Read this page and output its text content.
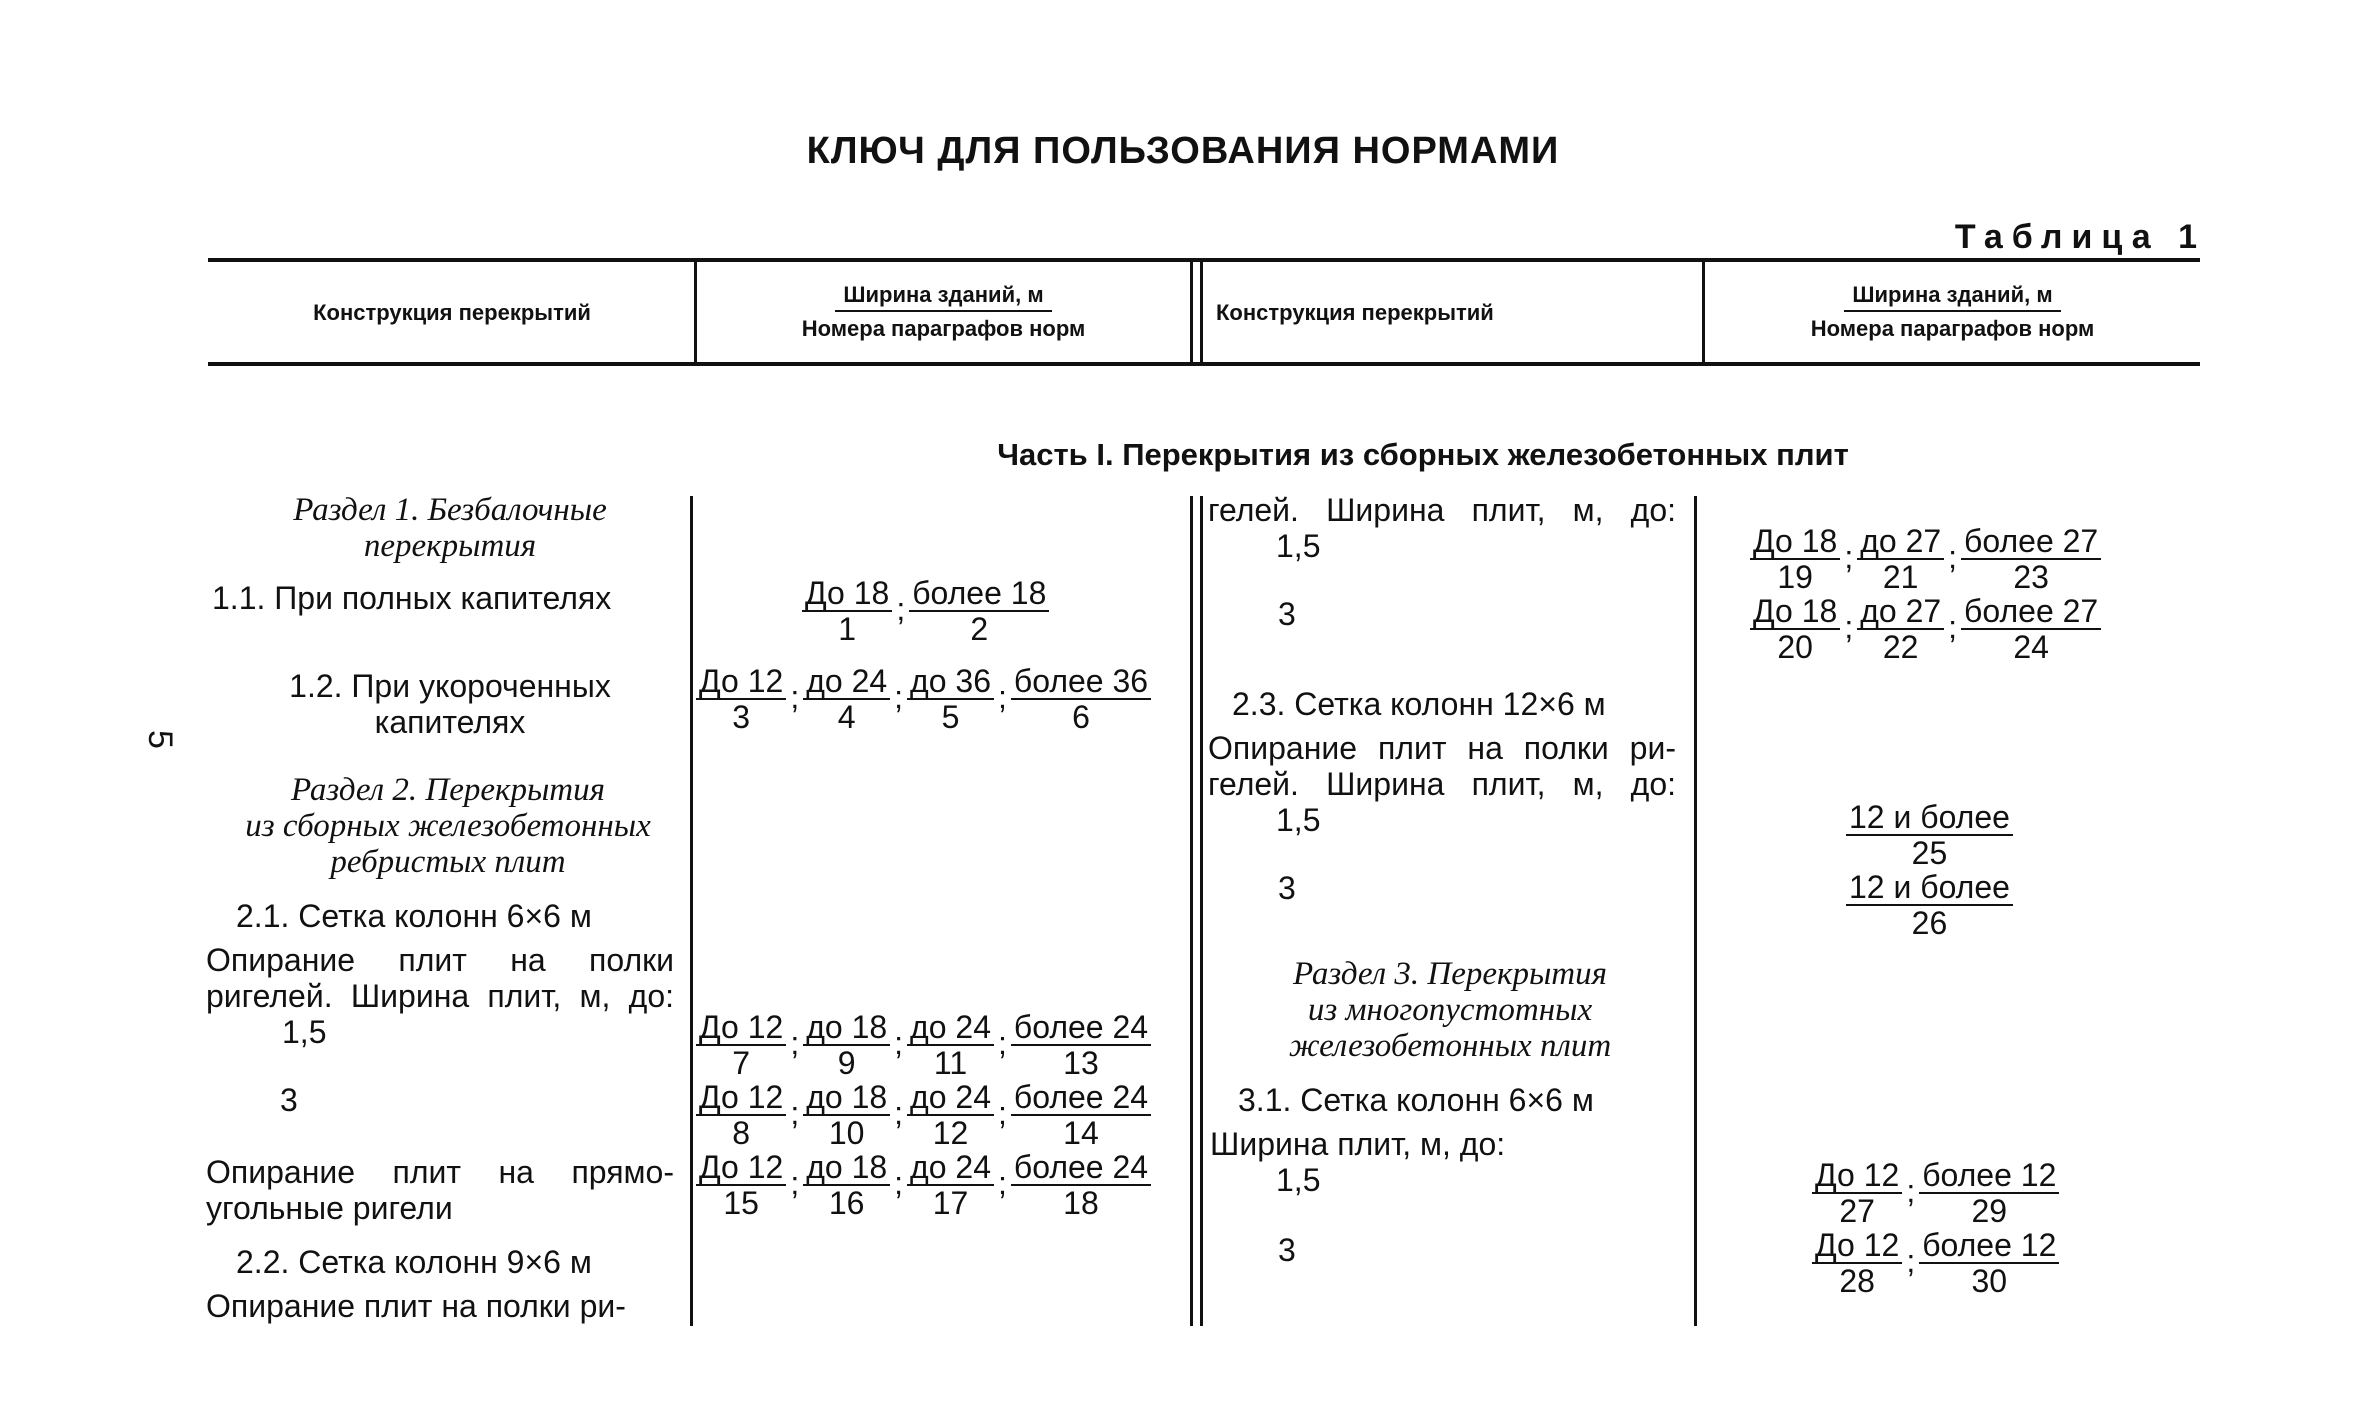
КЛЮЧ ДЛЯ ПОЛЬЗОВАНИЯ НОРМАМИ
Таблица 1
5
Конструкция перекрытий
Ширина зданий, м
Номера параграфов норм
Конструкция перекрытий
Ширина зданий, м
Номера параграфов норм
Часть I. Перекрытия из сборных железобетонных плит
Раздел 1. Безбалочные
перекрытия
1.1. При полных капителях
1.2. При укороченных
капителях
Раздел 2. Перекрытия
из сборных железобетонных
ребристых плит
2.1. Сетка колонн 6×6 м
Опирание плит на полки
ригелей. Ширина плит, м, до:
1,5
3
Опирание плит на прямо-
угольные ригели
2.2. Сетка колонн 9×6 м
Опирание плит на полки ри-
До 18
1
; более 18
2
До 12
3
; до 24
4
; до 36
5
; более 36
6
До 12
7
; до 18
9
; до 24
11
; более 24
13
До 12
8
; до 18
10
; до 24
12
; более 24
14
До 12
15
; до 18
16
; до 24
17
; более 24
18
гелей. Ширина плит, м, до:
1,5
3
2.3. Сетка колонн 12×6 м
Опирание плит на полки ри-
гелей. Ширина плит, м, до:
1,5
3
Раздел 3. Перекрытия
из многопустотных
железобетонных плит
3.1. Сетка колонн 6×6 м
Ширина плит, м, до:
1,5
3
До 18
19
; до 27
21
; более 27
23
До 18
20
; до 27
22
; более 27
24
12 и более
25
12 и более
26
До 12
27
; более 12
29
До 12
28
; более 12
30
